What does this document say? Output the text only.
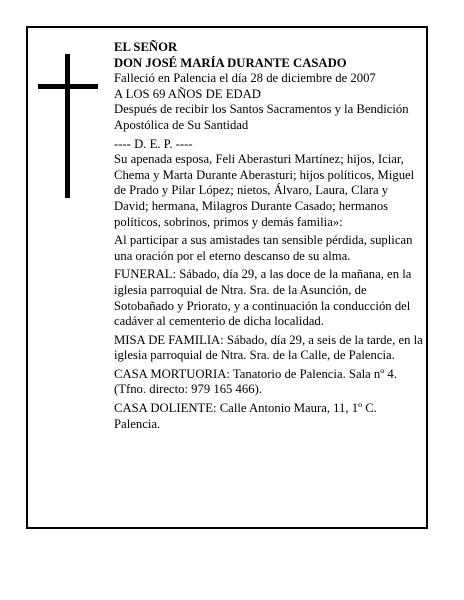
EL SEÑOR
DON JOSÉ MARÍA DURANTE CASADO
Falleció en Palencia el día 28 de diciembre de 2007
A LOS 69 AÑOS DE EDAD

Después de recibir los Santos Sacramentos y la Bendición Apostólica de Su Santidad

---- D. E. P. ----

Su apenada esposa, Feli Aberasturi Martínez; hijos, Iciar, Chema y Marta Durante Aberasturi; hijos políticos, Miguel de Prado y Pilar López; nietos, Álvaro, Laura, Clara y David; hermana, Milagros Durante Casado; hermanos políticos, sobrinos, primos y demás familia»:

Al participar a sus amistades tan sensible pérdida, suplican una oración por el eterno descanso de su alma.

FUNERAL: Sábado, día 29, a las doce de la mañana, en la iglesia parroquial de Ntra. Sra. de la Asunción, de Sotobañado y Priorato, y a continuación la conducción del cadáver al cementerio de dicha localidad.

MISA DE FAMILIA: Sábado, día 29, a seis de la tarde, en la iglesia parroquial de Ntra. Sra. de la Calle, de Palencia.

CASA MORTUORIA: Tanatorio de Palencia. Sala nº 4. (Tfno. directo: 979 165 466).

CASA DOLIENTE: Calle Antonio Maura, 11, 1º C. Palencia.
